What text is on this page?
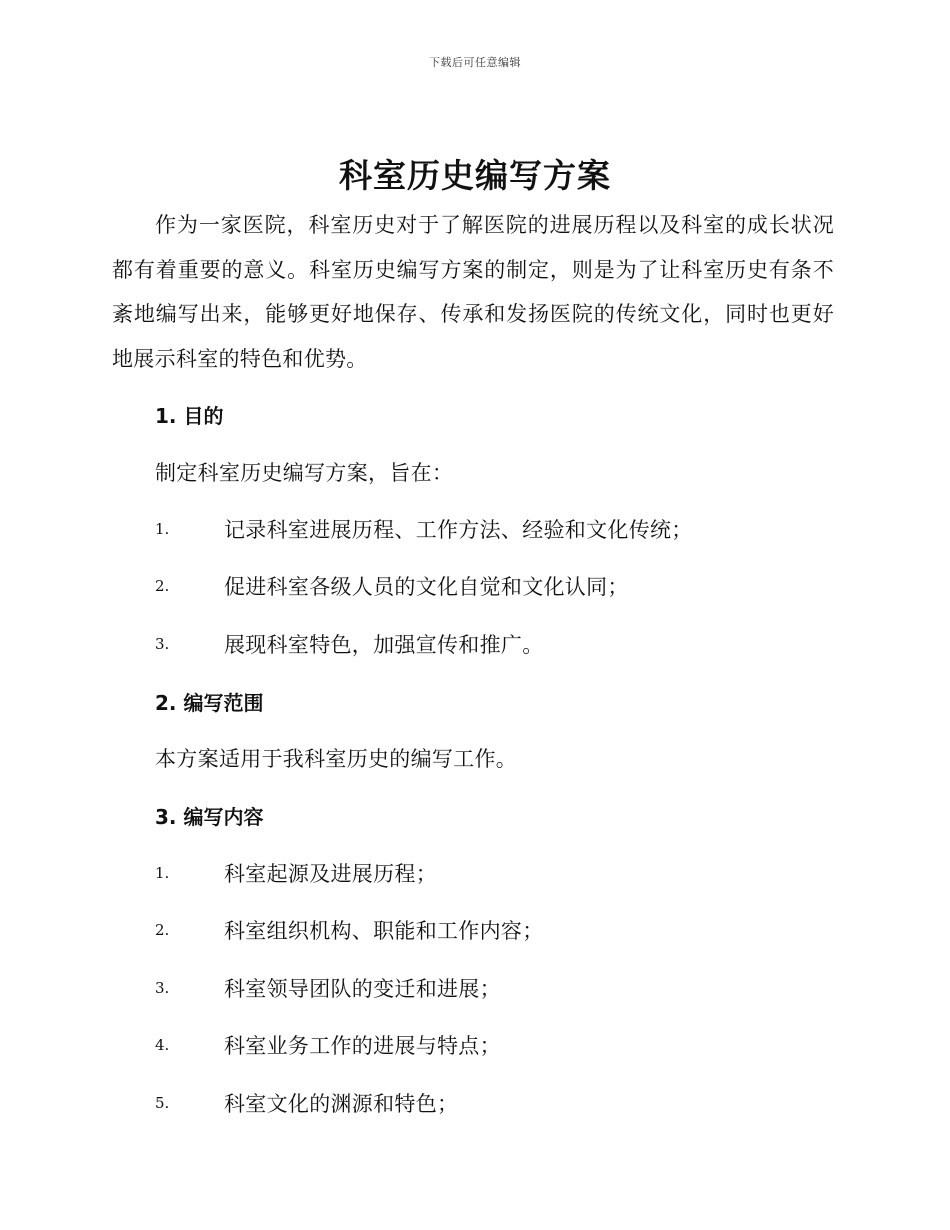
下载后可任意编辑
科室历史编写方案

作为一家医院，科室历史对于了解医院的进展历程以及科室的成长状况都有着重要的意义。科室历史编写方案的制定，则是为了让科室历史有条不紊地编写出来，能够更好地保存、传承和发扬医院的传统文化，同时也更好地展示科室的特色和优势。

1. 目的

制定科室历史编写方案，旨在：

1.	记录科室进展历程、工作方法、经验和文化传统；
2.	促进科室各级人员的文化自觉和文化认同；
3.	展现科室特色，加强宣传和推广。
2. 编写范围

本方案适用于我科室历史的编写工作。

3. 编写内容
1.	科室起源及进展历程；
2.	科室组织机构、职能和工作内容；
3.	科室领导团队的变迁和进展；
4.	科室业务工作的进展与特点；
5.	科室文化的渊源和特色；
